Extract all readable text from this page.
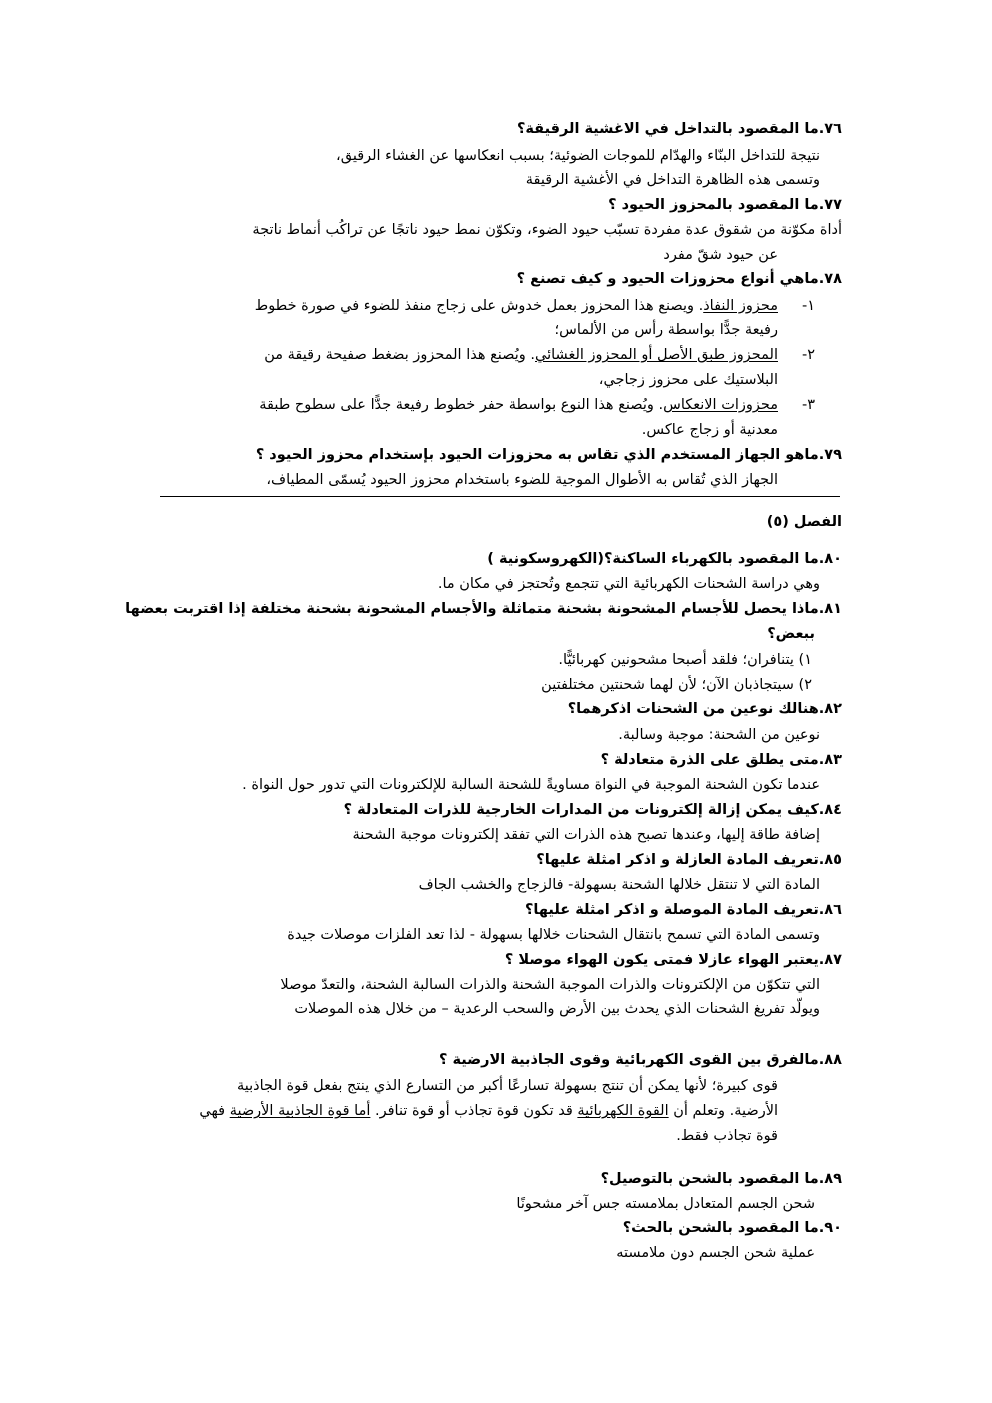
٧٦.ما المقصود بالتداخل في الاغشية الرقيقة؟
نتيجة للتداخل البنّاء والهدّام للموجات الضوئية؛ بسبب انعكاسها عن الغشاء الرقيق،
وتسمى هذه الظاهرة التداخل في الأغشية الرقيقة
٧٧.ما المقصود بالمحزوز الحيود ؟
أداة مكوّنة من شقوق عدة مفردة تسبّب حيود الضوء، وتكوّن نمط حيود ناتجًا عن تراكُب أنماط ناتجة
عن حيود شقّ مفرد
٧٨.ماهي أنواع محزوزات الحيود و كيف تصنع ؟
١-
محزوز النفاذ. ويصنع هذا المحزوز بعمل خدوش على زجاج منفذ للضوء في صورة خطوط
رفيعة جدًّا بواسطة رأس من الألماس؛
٢-
المحزوز طبق الأصل أو المحزوز الغشائي. ويُصنع هذا المحزوز بضغط صفيحة رقيقة من
البلاستيك على محزوز زجاجي،
٣-
محزوزات الانعكاس. ويُصنع هذا النوع بواسطة حفر خطوط رفيعة جدًّا على سطوح طبقة
معدنية أو زجاج عاكس.
٧٩.ماهو الجهاز المستخدم الذي تقاس به محزوزات الحيود بإستخدام محزوز الحيود ؟
الجهاز الذي تُقاس به الأطوال الموجية للضوء باستخدام محزوز الحيود يُسمّى المطياف،
الفصل (٥)
٨٠.ما المقصود بالكهرباء الساكنة؟(الكهروسكونية )
وهي دراسة الشحنات الكهربائية التي تتجمع وتُحتجز في مكان ما.
٨١.ماذا يحصل للأجسام المشحونة بشحنة متماثلة والأجسام المشحونة بشحنة مختلفة إذا اقتربت بعضها
ببعض؟
١) يتنافران؛ فلقد أصبحا مشحونين كهربائيًّا.
٢) سيتجاذبان الآن؛ لأن لهما شحنتين مختلفتين
٨٢.هنالك نوعين من الشحنات اذكرهما؟
نوعين من الشحنة: موجبة وسالبة.
٨٣.متى يطلق على الذرة متعادلة ؟
عندما تكون الشحنة الموجبة في النواة مساويةً للشحنة السالبة للإلكترونات التي تدور حول النواة .
٨٤.كيف يمكن إزالة إلكترونات من المدارات الخارجية للذرات المتعادلة ؟
إضافة طاقة إليها، وعندها تصبح هذه الذرات التي تفقد إلكترونات موجبة الشحنة
٨٥.تعريف المادة العازلة و اذكر امثلة عليها؟
المادة التي لا تنتقل خلالها الشحنة بسهولة- فالزجاج والخشب الجاف
٨٦.تعريف المادة الموصلة و اذكر امثلة عليها؟
وتسمى المادة التي تسمح بانتقال الشحنات خلالها بسهولة - لذا تعد الفلزات موصلات جيدة
٨٧.يعتبر الهواء عازلا فمتى يكون الهواء موصلا ؟
التي تتكوّن من الإلكترونات والذرات الموجبة الشحنة والذرات السالبة الشحنة، والتعدّ موصلا
ويولّد تفريغ الشحنات الذي يحدث بين الأرض والسحب الرعدية – من خلال هذه الموصلات
٨٨.مالفرق بين القوى الكهربائية وقوى الجاذبية الارضية ؟
قوى كبيرة؛ لأنها يمكن أن تنتج بسهولة تسارعًا أكبر من التسارع الذي ينتج بفعل قوة الجاذبية
الأرضية. وتعلم أن القوة الكهربائية قد تكون قوة تجاذب أو قوة تنافر. أما قوة الجاذبية الأرضية فهي
قوة تجاذب فقط.
٨٩.ما المقصود بالشحن بالتوصيل؟
شحن الجسم المتعادل بملامسته جس آخر مشحونًا
٩٠.ما المقصود بالشحن بالحث؟
عملية شحن الجسم دون ملامسته
